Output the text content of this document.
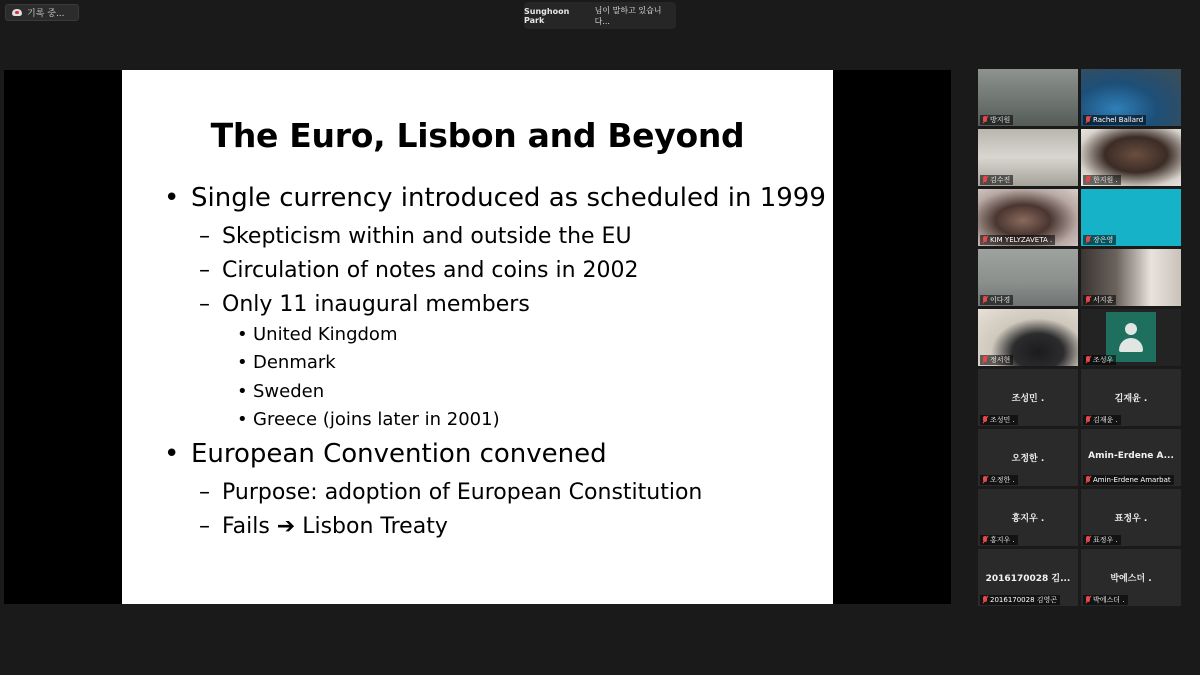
기록 중...	Sunghoon Park
님이 말하고 있습니다...
The Euro, Lisbon and Beyond
• Single currency introduced as scheduled in 1999
– Skepticism within and outside the EU
– Circulation of notes and coins in 2002
– Only 11 inaugural members
• United Kingdom
• Denmark
• Sweden
• Greece (joins later in 2001)
• European Convention convened
– Purpose: adoption of European Constitution
– Fails ➔ Lisbon Treaty
방지원	Rachel Ballard
김수진	한지원 .
KIM YELYZAVETA .	장은영
이다경	서지훈
정서현	조성우
조성민 .
조성민 .
김재윤 .
김재윤 .
오정한 .
오정한 .
Amin-Erdene A...
Amin-Erdene Amarbat
홍지우 .
홍지우 .
표정우 .
표정우 .
2016170028 김...
2016170028 김영곤
박에스더 .
박에스더 .
